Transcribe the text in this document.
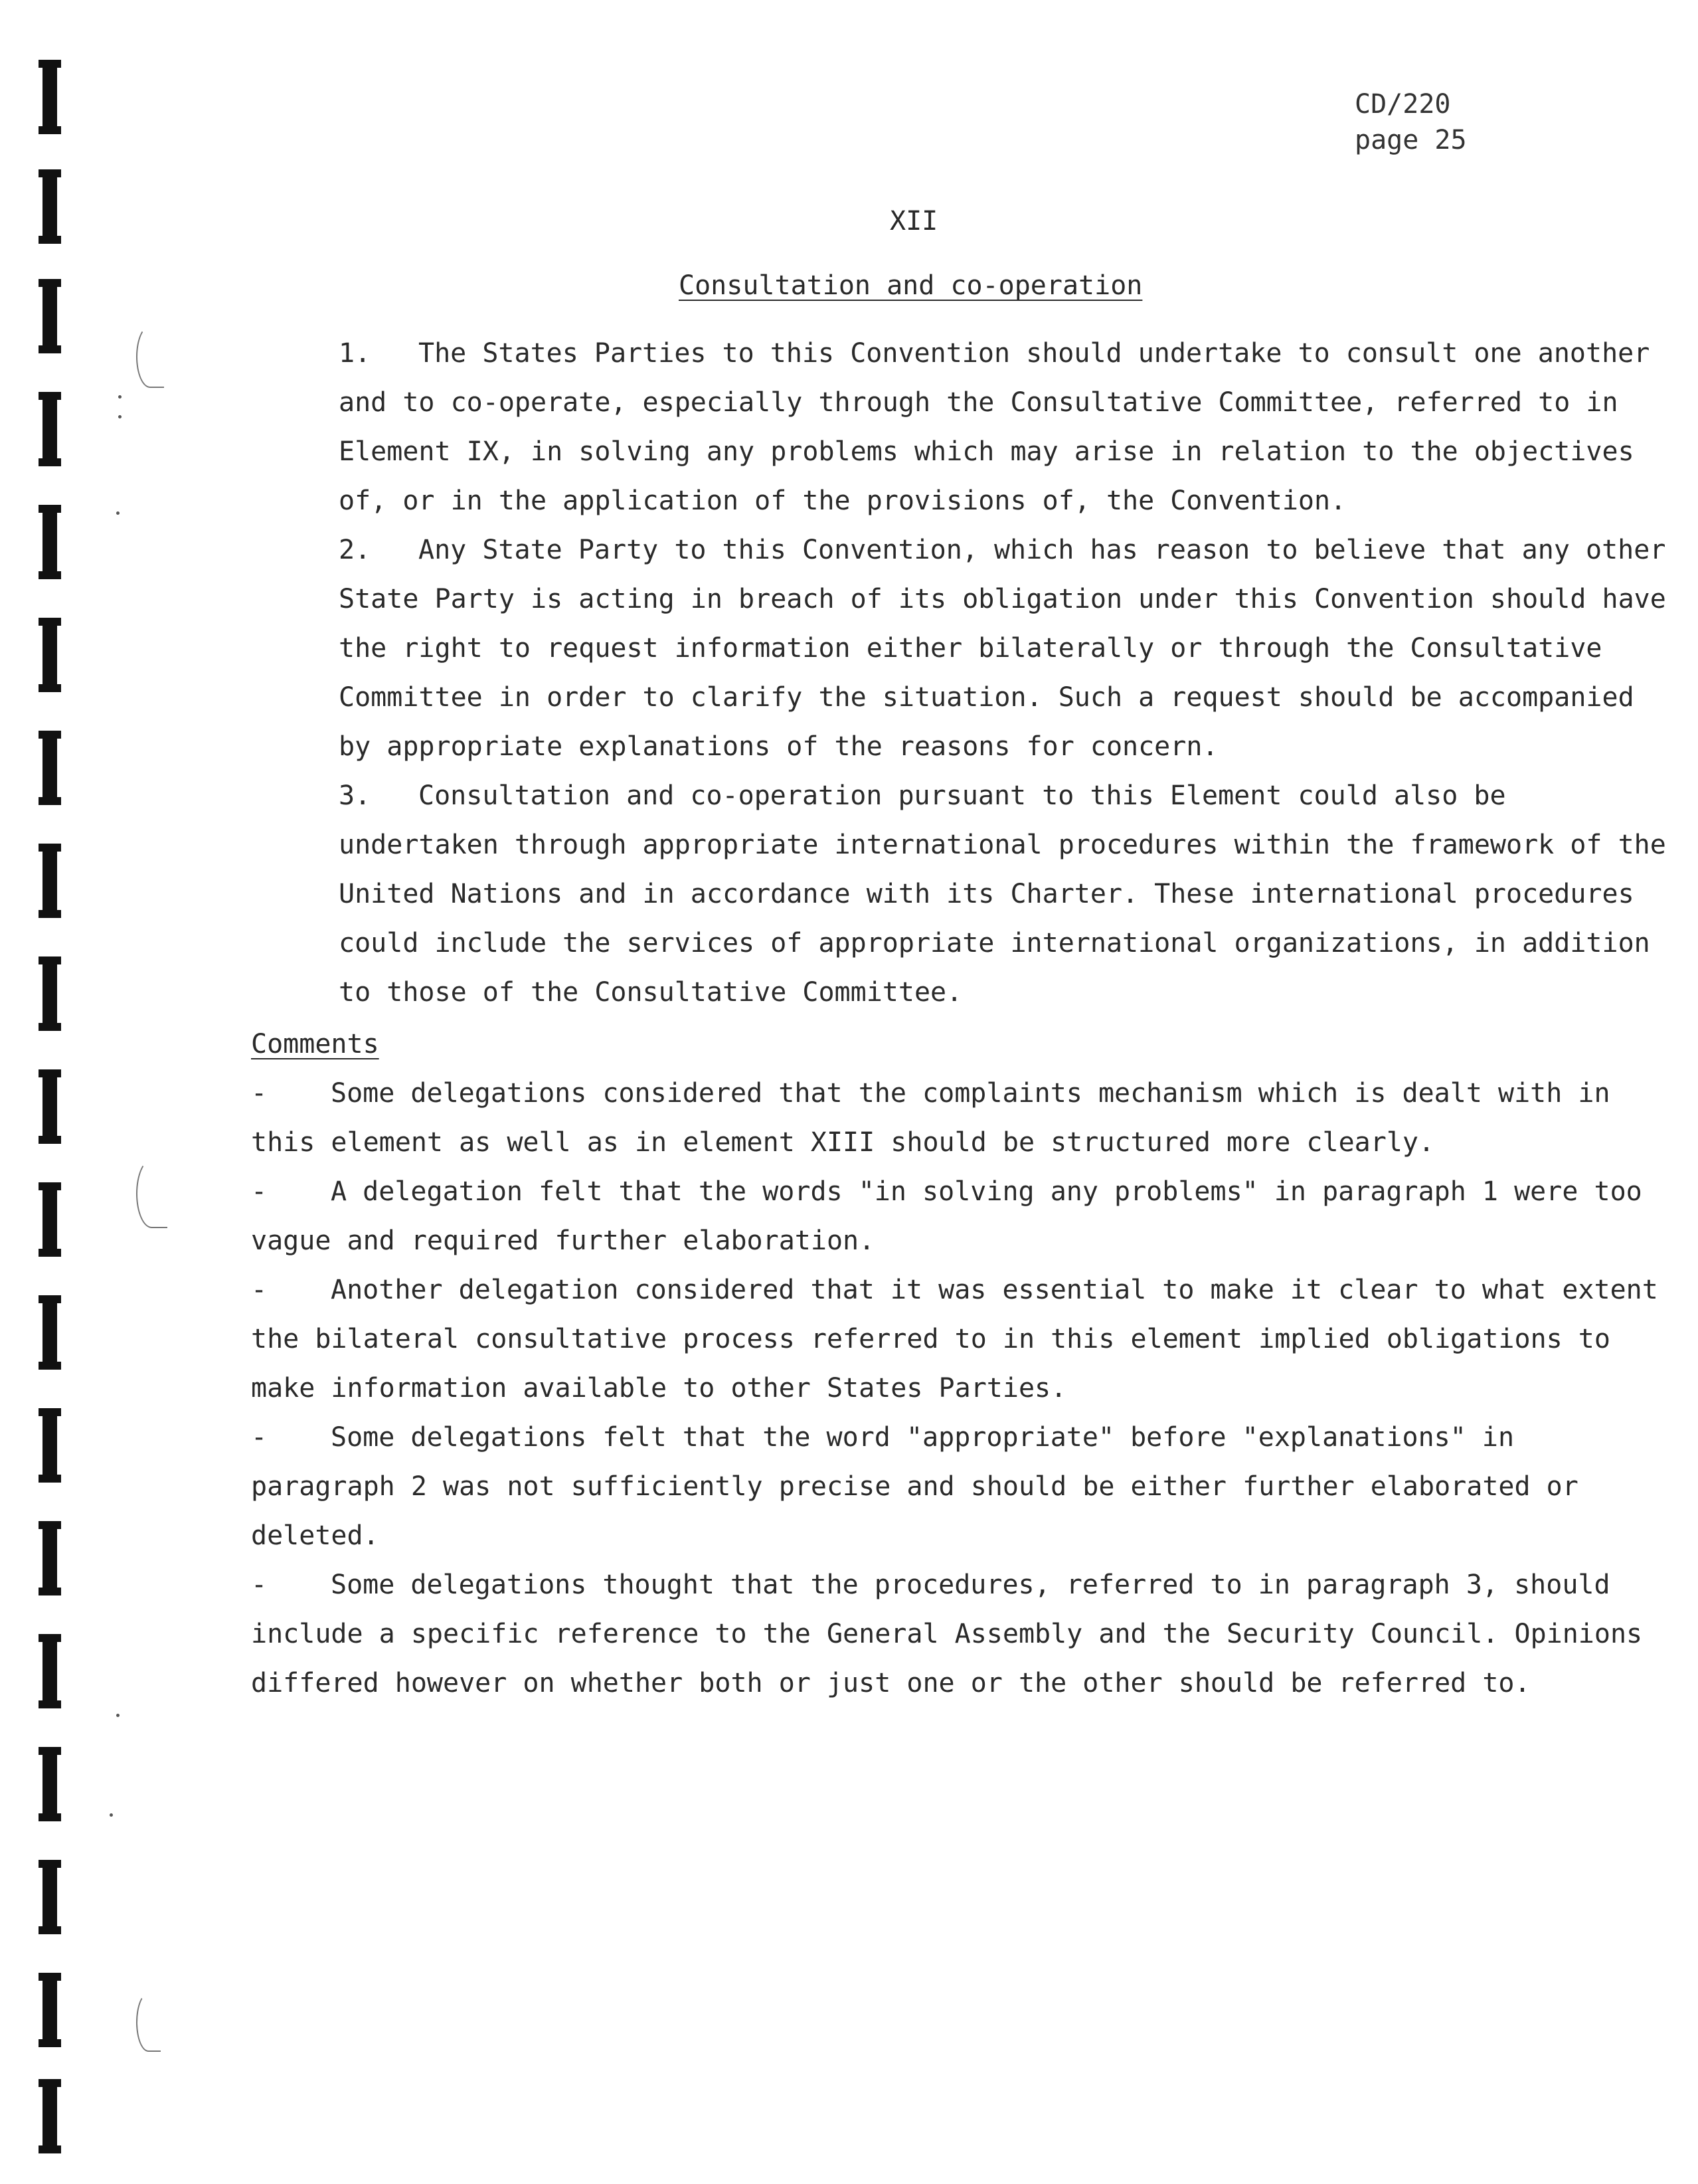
CD/220
page 25
XII
Consultation and co-operation

1. The States Parties to this Convention should undertake to consult one another and to co-operate, especially through the Consultative Committee, referred to in Element IX, in solving any problems which may arise in relation to the objectives of, or in the application of the provisions of, the Convention.

2. Any State Party to this Convention, which has reason to believe that any other State Party is acting in breach of its obligation under this Convention should have the right to request information either bilaterally or through the Consultative Committee in order to clarify the situation. Such a request should be accompanied by appropriate explanations of the reasons for concern.

3. Consultation and co-operation pursuant to this Element could also be undertaken through appropriate international procedures within the framework of the United Nations and in accordance with its Charter. These international procedures could include the services of appropriate international organizations, in addition to those of the Consultative Committee.

Comments

- Some delegations considered that the complaints mechanism which is dealt with in this element as well as in element XIII should be structured more clearly.

- A delegation felt that the words "in solving any problems" in paragraph 1 were too vague and required further elaboration.

- Another delegation considered that it was essential to make it clear to what extent the bilateral consultative process referred to in this element implied obligations to make information available to other States Parties.

- Some delegations felt that the word "appropriate" before "explanations" in paragraph 2 was not sufficiently precise and should be either further elaborated or deleted.

- Some delegations thought that the procedures, referred to in paragraph 3, should include a specific reference to the General Assembly and the Security Council. Opinions differed however on whether both or just one or the other should be referred to.
